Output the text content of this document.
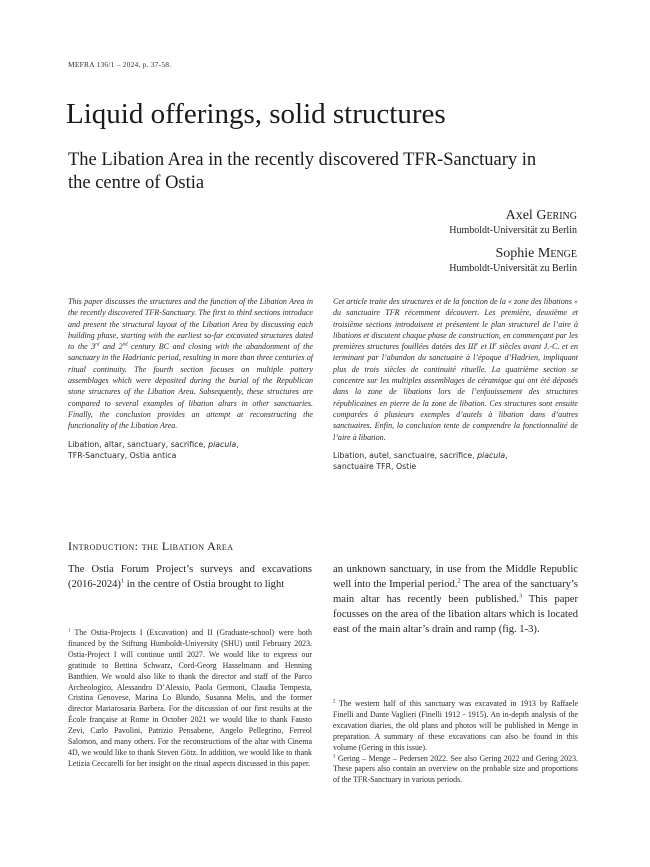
MEFRA 136/1 – 2024, p. 37-58.
Liquid offerings, solid structures
The Libation Area in the recently discovered TFR-Sanctuary in the centre of Ostia
Axel Gering
Humboldt-Universität zu Berlin
Sophie Menge
Humboldt-Universität zu Berlin

This paper discusses the structures and the function of the Libation Area in the recently discovered TFR-Sanctuary. The first to third sections introduce and present the structural layout of the Libation Area by discussing each building phase, starting with the earliest so-far excavated structures dated to the 3rd and 2nd century BC and closing with the abandonment of the sanctuary in the Hadrianic period, resulting in more than three centuries of ritual continuity. The fourth section focuses on multiple pottery assemblages which were deposited during the burial of the Republican stone structures of the Libation Area. Subsequently, these structures are compared to several examples of libation altars in other sanctuaries. Finally, the conclusion provides an attempt at reconstructing the functionality of the Libation Area.

Libation, altar, sanctuary, sacrifice, piacula,
TFR-Sanctuary, Ostia antica

Cet article traite des structures et de la fonction de la « zone des libations » du sanctuaire TFR récemment découvert. Les première, deuxième et troisième sections introduisent et présentent le plan structurel de l’aire à libations et discutent chaque phase de construction, en commençant par les premières structures fouillées datées des IIIe et IIe siècles avant J.-C. et en terminant par l’abandon du sanctuaire à l’époque d’Hadrien, impliquant plus de trois siècles de continuité rituelle. La quatrième section se concentre sur les multiples assemblages de céramique qui ont été déposés dans la zone de libations lors de l’enfouissement des structures républicaines en pierre de la zone de libation. Ces structures sont ensuite comparées à plusieurs exemples d’autels à libation dans d’autres sanctuaires. Enfin, la conclusion tente de comprendre la fonctionnalité de l’aire à libation.

Libation, autel, sanctuaire, sacrifice, piacula,
sanctuaire TFR, Ostie

Introduction: the Libation Area

The Ostia Forum Project’s surveys and excavations (2016-2024)$^1$ in the centre of Ostia brought to light

an unknown sanctuary, in use from the Middle Republic well into the Imperial period.$^2$ The area of the sanctuary’s main altar has recently been published.$^3$ This paper focusses on the area of the libation altars which is located east of the main altar’s drain and ramp (fig. 1-3).

$^1$ The Ostia-Projects I (Excavation) and II (Graduate-school) were both financed by the Stiftung Humboldt-University (SHU) until February 2023. Ostia-Project I will continue until 2027. We would like to express our gratitude to Bettina Schwarz, Cord-Georg Hasselmann and Henning Banthien. We would also like to thank the director and staff of the Parco Archeologico, Alessandro D’Alessio, Paola Germoni, Claudia Tempesta, Cristina Genovese, Marina Lo Blundo, Susanna Melis, and the former director Mariarosaria Barbera. For the discussion of our first results at the École française at Rome in October 2021 we would like to thank Fausto Zevi, Carlo Pavolini, Patrizio Pensabene, Angelo Pellegrino, Ferreol Salomon, and many others. For the reconstructions of the altar with Cinema 4D, we would like to thank Steven Götz. In addition, we would like to thank Letizia Ceccarelli for her insight on the ritual aspects discussed in this paper.

$^2$ The western half of this sanctuary was excavated in 1913 by Raffaele Finelli and Dante Vaglieri (Finelli 1912 - 1915). An in-depth analysis of the excavation diaries, the old plans and photos will be published in Menge in preparation. A summary of these excavations can also be found in this volume (Gering in this issue).

$^3$ Gering – Menge – Pedersen 2022. See also Gering 2022 and Gering 2023. These papers also contain an overview on the probable size and proportions of the TFR-Sanctuary in various periods.
